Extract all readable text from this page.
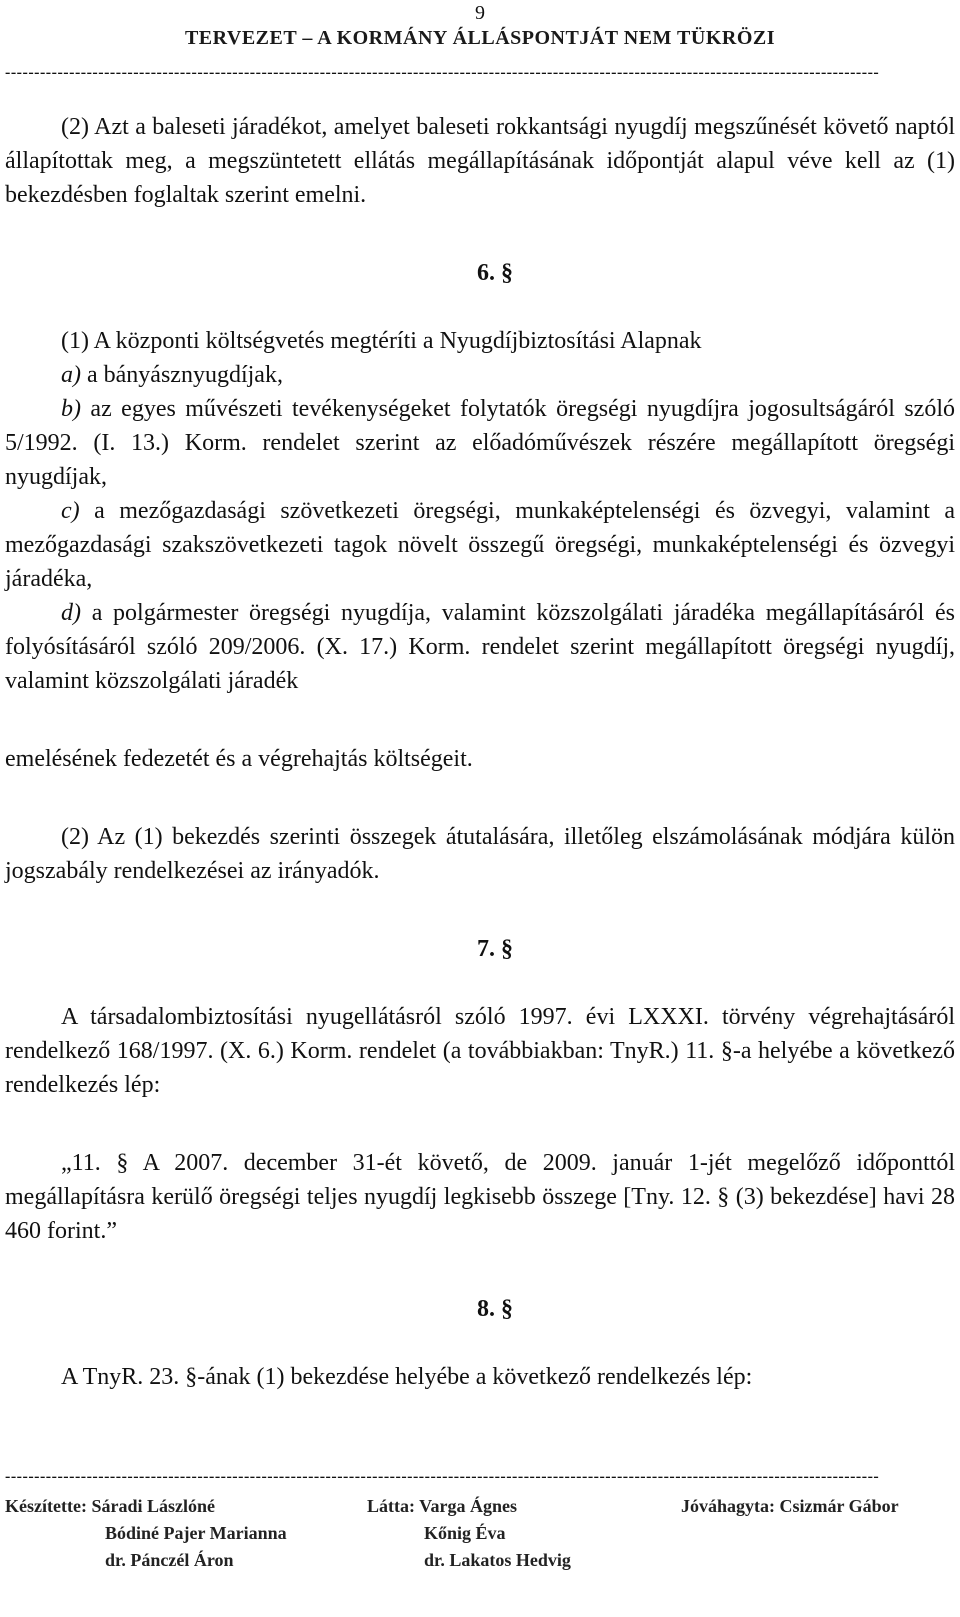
9
TERVEZET – A KORMÁNY ÁLLÁSPONTJÁT NEM TÜKRÖZI
------------------------------------------------------------------------------------------------------------------------------------------------------

(2) Azt a baleseti járadékot, amelyet baleseti rokkantsági nyugdíj megszűnését követő naptól állapítottak meg, a megszüntetett ellátás megállapításának időpontját alapul véve kell az (1) bekezdésben foglaltak szerint emelni.

6. §

(1) A központi költségvetés megtéríti a Nyugdíjbiztosítási Alapnak

a) a bányásznyugdíjak,

b) az egyes művészeti tevékenységeket folytatók öregségi nyugdíjra jogosultságáról szóló 5/1992. (I. 13.) Korm. rendelet szerint az előadóművészek részére megállapított öregségi nyugdíjak,

c) a mezőgazdasági szövetkezeti öregségi, munkaképtelenségi és özvegyi, valamint a mezőgazdasági szakszövetkezeti tagok növelt összegű öregségi, munkaképtelenségi és özvegyi járadéka,

d) a polgármester öregségi nyugdíja, valamint közszolgálati járadéka megállapításáról és folyósításáról szóló 209/2006. (X. 17.) Korm. rendelet szerint megállapított öregségi nyugdíj, valamint közszolgálati járadék

emelésének fedezetét és a végrehajtás költségeit.

(2) Az (1) bekezdés szerinti összegek átutalására, illetőleg elszámolásának módjára külön jogszabály rendelkezései az irányadók.

7. §

A társadalombiztosítási nyugellátásról szóló 1997. évi LXXXI. törvény végrehajtásáról rendelkező 168/1997. (X. 6.) Korm. rendelet (a továbbiakban: TnyR.) 11. §-a helyébe a következő rendelkezés lép:

„11. § A 2007. december 31-ét követő, de 2009. január 1-jét megelőző időponttól megállapításra kerülő öregségi teljes nyugdíj legkisebb összege [Tny. 12. § (3) bekezdése] havi 28 460 forint.”

8. §

A TnyR. 23. §-ának (1) bekezdése helyébe a következő rendelkezés lép:

------------------------------------------------------------------------------------------------------------------------------------------------------
Készítette: Sáradi Lászlóné
Bódiné Pajer Marianna
dr. Pánczél Áron
Látta: Varga Ágnes
Kőnig Éva
dr. Lakatos Hedvig
Jóváhagyta: Csizmár Gábor
